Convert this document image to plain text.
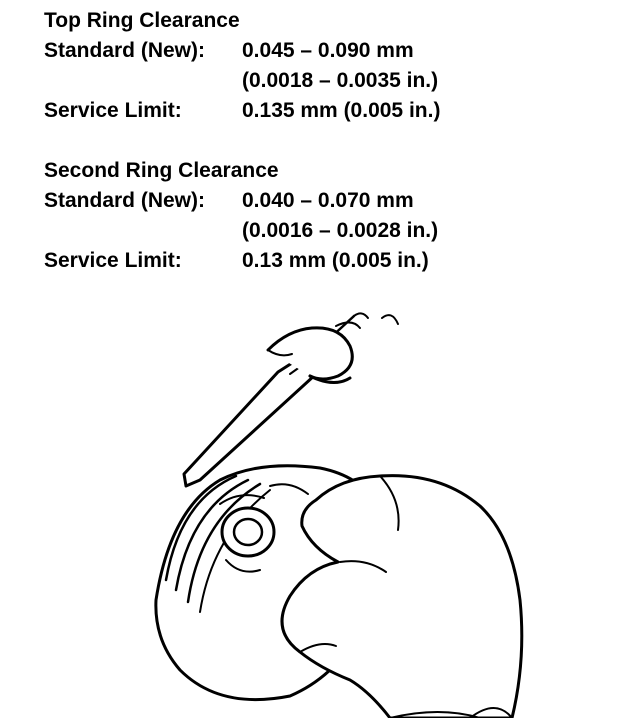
Top Ring Clearance
Standard (New):	0.045 – 0.090 mm
(0.0018 – 0.0035 in.)
Service Limit:	0.135 mm (0.005 in.)
Second Ring Clearance
Standard (New):	0.040 – 0.070 mm
(0.0016 – 0.0028 in.)
Service Limit:	0.13 mm (0.005 in.)
